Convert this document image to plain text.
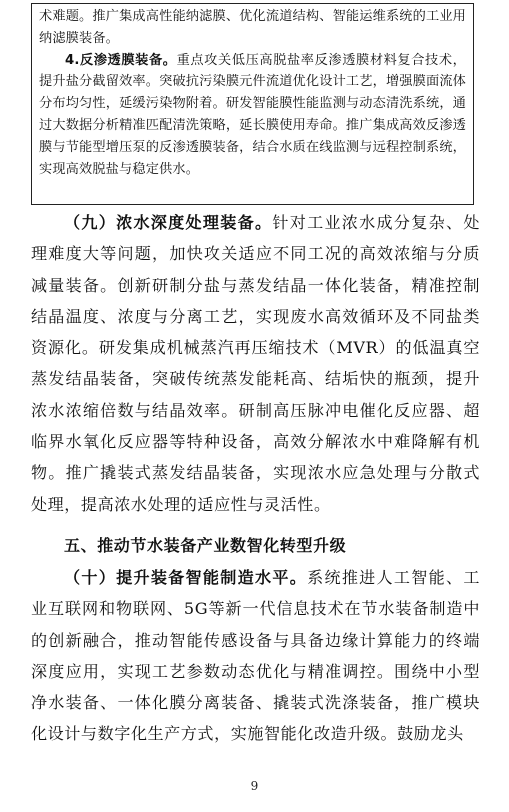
术难题。推广集成高性能纳滤膜、优化流道结构、智能运维系统的工业用纳滤膜装备。

4.反渗透膜装备。重点攻关低压高脱盐率反渗透膜材料复合技术，提升盐分截留效率。突破抗污染膜元件流道优化设计工艺，增强膜面流体分布均匀性，延缓污染物附着。研发智能膜性能监测与动态清洗系统，通过大数据分析精准匹配清洗策略，延长膜使用寿命。推广集成高效反渗透膜与节能型增压泵的反渗透膜装备，结合水质在线监测与远程控制系统，实现高效脱盐与稳定供水。

（九）浓水深度处理装备。针对工业浓水成分复杂、处理难度大等问题，加快攻关适应不同工况的高效浓缩与分质减量装备。创新研制分盐与蒸发结晶一体化装备，精准控制结晶温度、浓度与分离工艺，实现废水高效循环及不同盐类资源化。研发集成机械蒸汽再压缩技术（MVR）的低温真空蒸发结晶装备，突破传统蒸发能耗高、结垢快的瓶颈，提升浓水浓缩倍数与结晶效率。研制高压脉冲电催化反应器、超临界水氧化反应器等特种设备，高效分解浓水中难降解有机物。推广撬装式蒸发结晶装备，实现浓水应急处理与分散式处理，提高浓水处理的适应性与灵活性。

五、推动节水装备产业数智化转型升级

（十）提升装备智能制造水平。系统推进人工智能、工业互联网和物联网、5G等新一代信息技术在节水装备制造中的创新融合，推动智能传感设备与具备边缘计算能力的终端深度应用，实现工艺参数动态优化与精准调控。围绕中小型净水装备、一体化膜分离装备、撬装式洗涤装备，推广模块化设计与数字化生产方式，实施智能化改造升级。鼓励龙头

9
